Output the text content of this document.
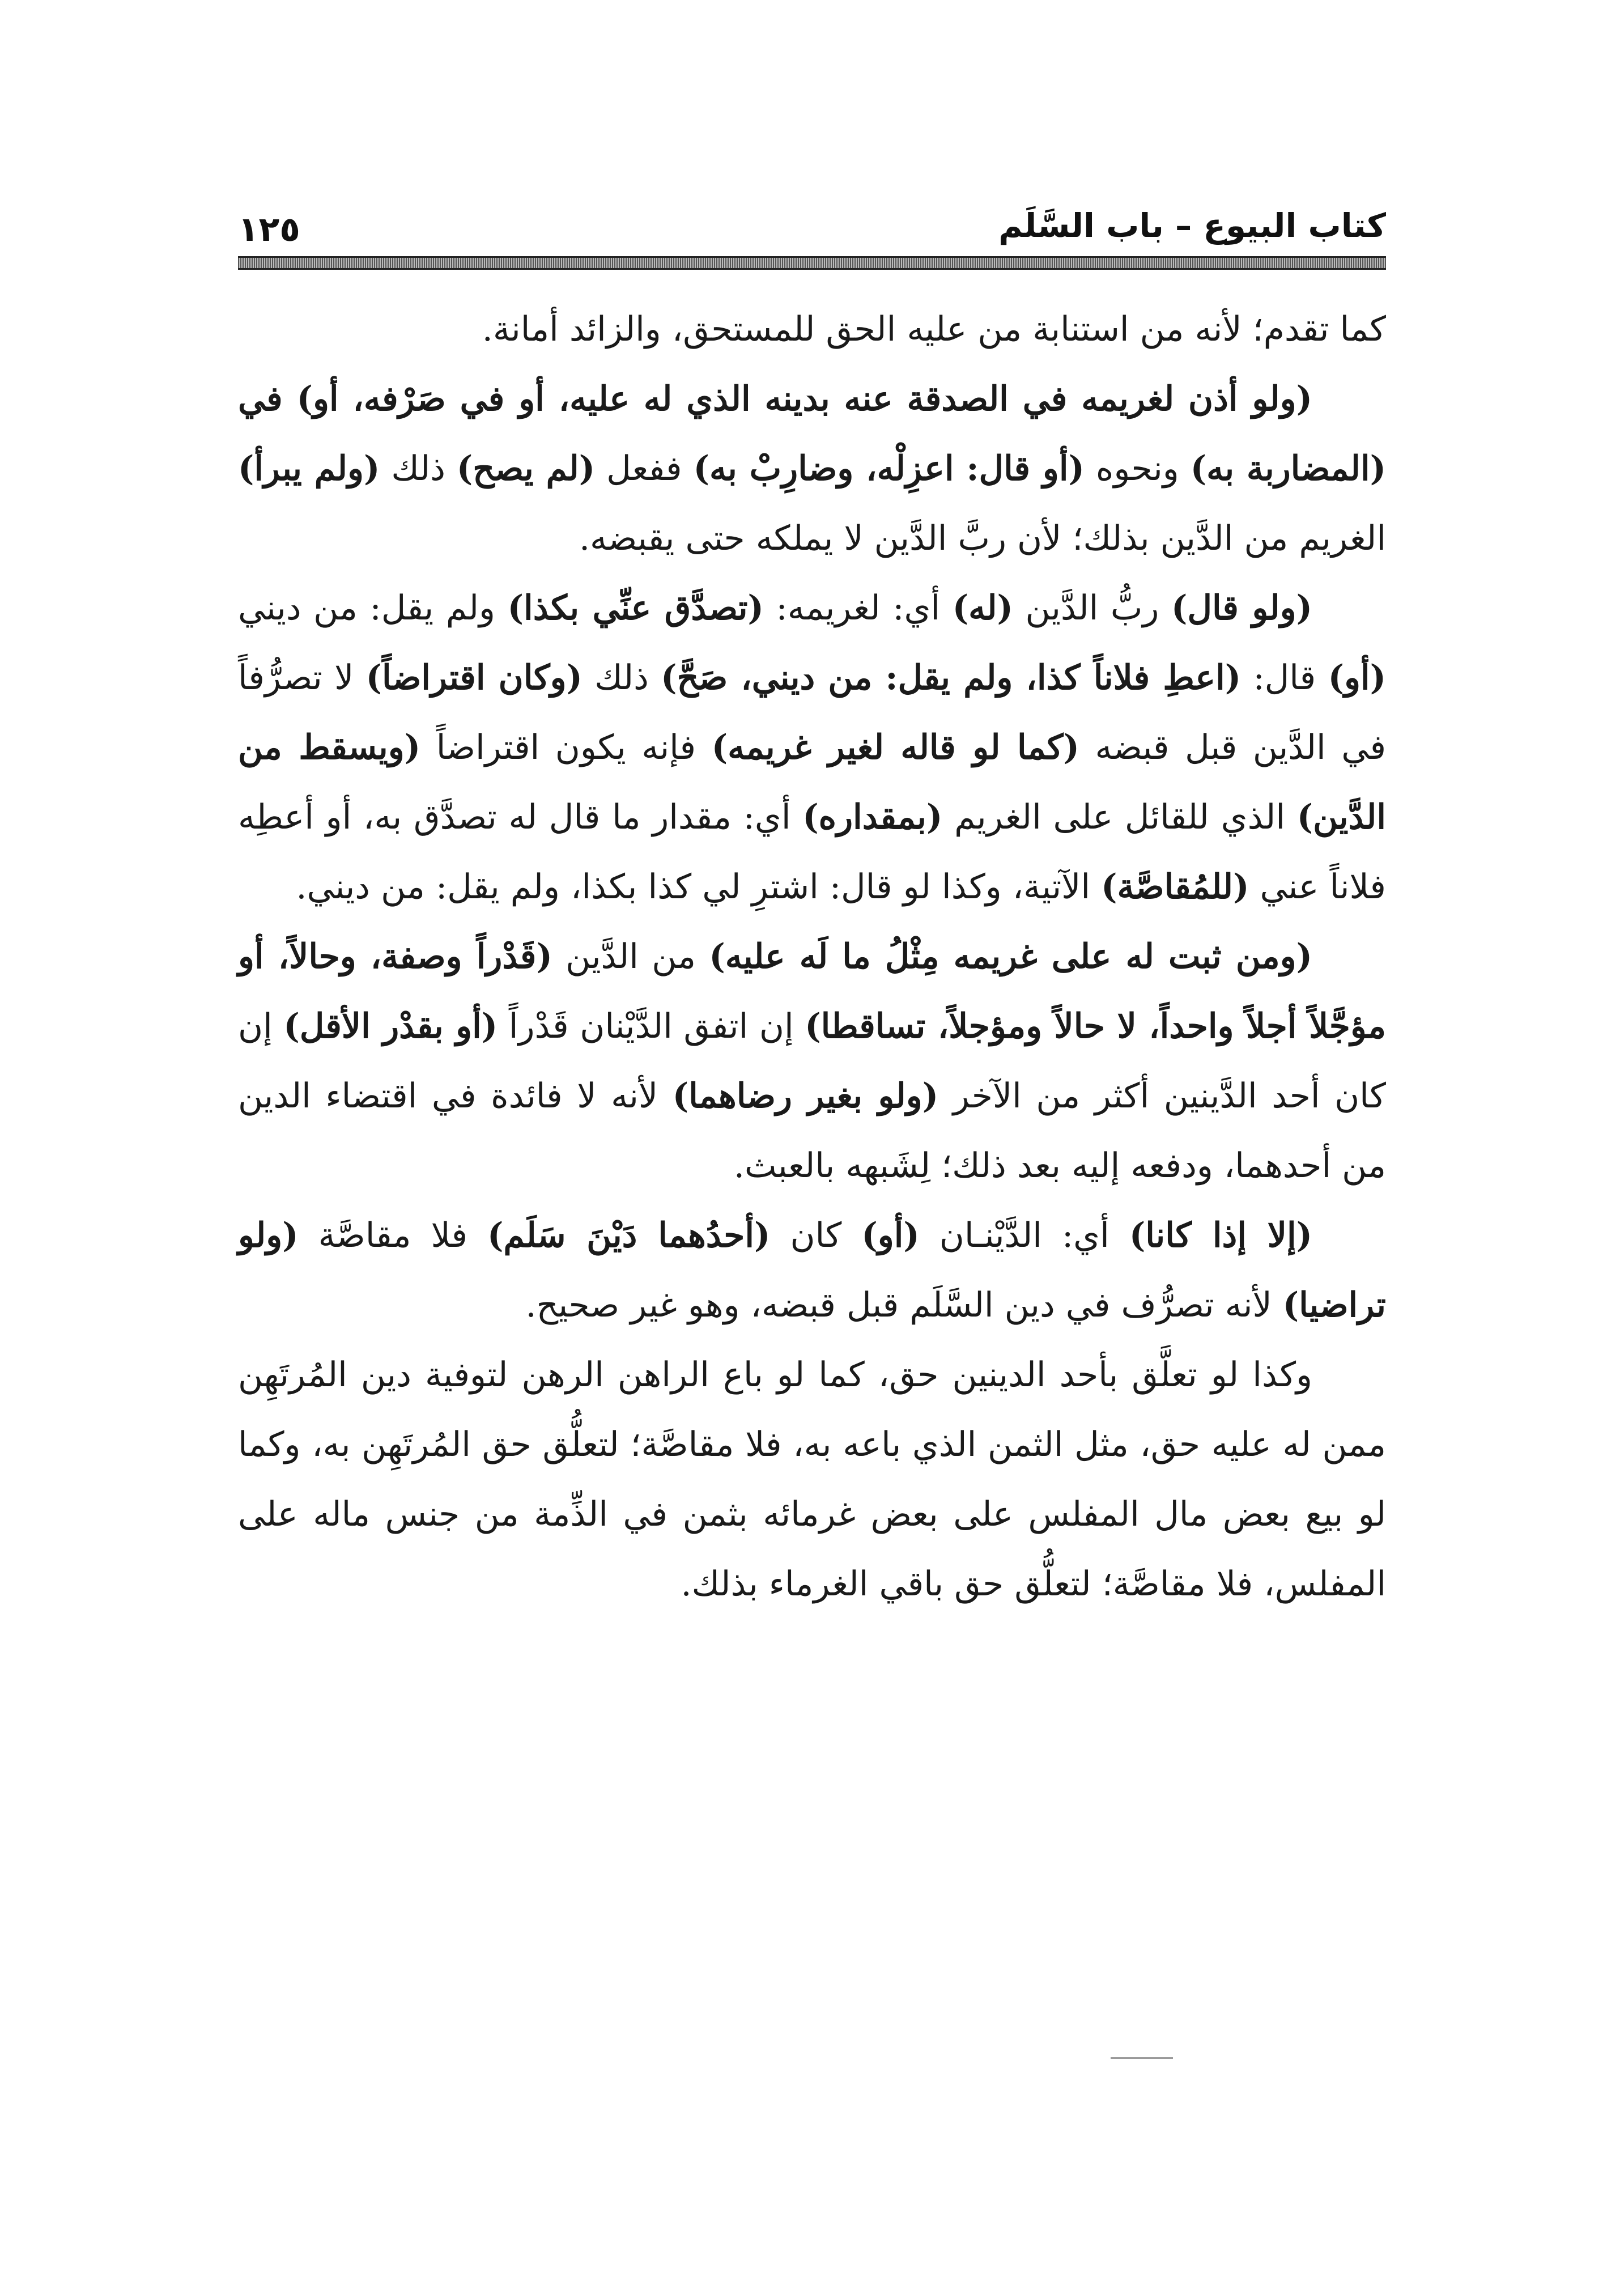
كتاب البيوع – باب السَّلَم
١٢٥

كما تقدم؛ لأنه من استنابة من عليه الحق للمستحق، والزائد أمانة.

(ولو أذن لغريمه في الصدقة عنه بدينه الذي له عليه، أو في صَرْفه، أو) في (المضاربة به) ونحوه (أو قال: اعزِلْه، وضارِبْ به) ففعل (لم يصح) ذلك (ولم يبرأ) الغريم من الدَّين بذلك؛ لأن ربَّ الدَّين لا يملكه حتى يقبضه.

(ولو قال) ربُّ الدَّين (له) أي: لغريمه: (تصدَّق عنِّي بكذا) ولم يقل: من ديني (أو) قال: (اعطِ فلاناً كذا، ولم يقل: من ديني، صَحَّ) ذلك (وكان اقتراضاً) لا تصرُّفاً في الدَّين قبل قبضه (كما لو قاله لغير غريمه) فإنه يكون اقتراضاً (ويسقط من الدَّين) الذي للقائل على الغريم (بمقداره) أي: مقدار ما قال له تصدَّق به، أو أعطِه فلاناً عني (للمُقاصَّة) الآتية، وكذا لو قال: اشترِ لي كذا بكذا، ولم يقل: من ديني.

(ومن ثبت له على غريمه مِثْلُ ما لَه عليه) من الدَّين (قَدْراً وصفة، وحالاً، أو مؤجَّلاً أجلاً واحداً، لا حالاً ومؤجلاً، تساقطا) إن اتفق الدَّيْنان قَدْراً (أو بقدْر الأقل) إن كان أحد الدَّينين أكثر من الآخر (ولو بغير رضاهما) لأنه لا فائدة في اقتضاء الدين من أحدهما، ودفعه إليه بعد ذلك؛ لِشَبهه بالعبث.

(إلا إذا كانا) أي: الدَّيْنـان (أو) كان (أحدُهما دَيْنَ سَلَم) فلا مقاصَّة (ولو تراضيا) لأنه تصرُّف في دين السَّلَم قبل قبضه، وهو غير صحيح.

وكذا لو تعلَّق بأحد الدينين حق، كما لو باع الراهن الرهن لتوفية دين المُرتَهِن ممن له عليه حق، مثل الثمن الذي باعه به، فلا مقاصَّة؛ لتعلُّق حق المُرتَهِن به، وكما لو بيع بعض مال المفلس على بعض غرمائه بثمن في الذِّمة من جنس ماله على المفلس، فلا مقاصَّة؛ لتعلُّق حق باقي الغرماء بذلك.
